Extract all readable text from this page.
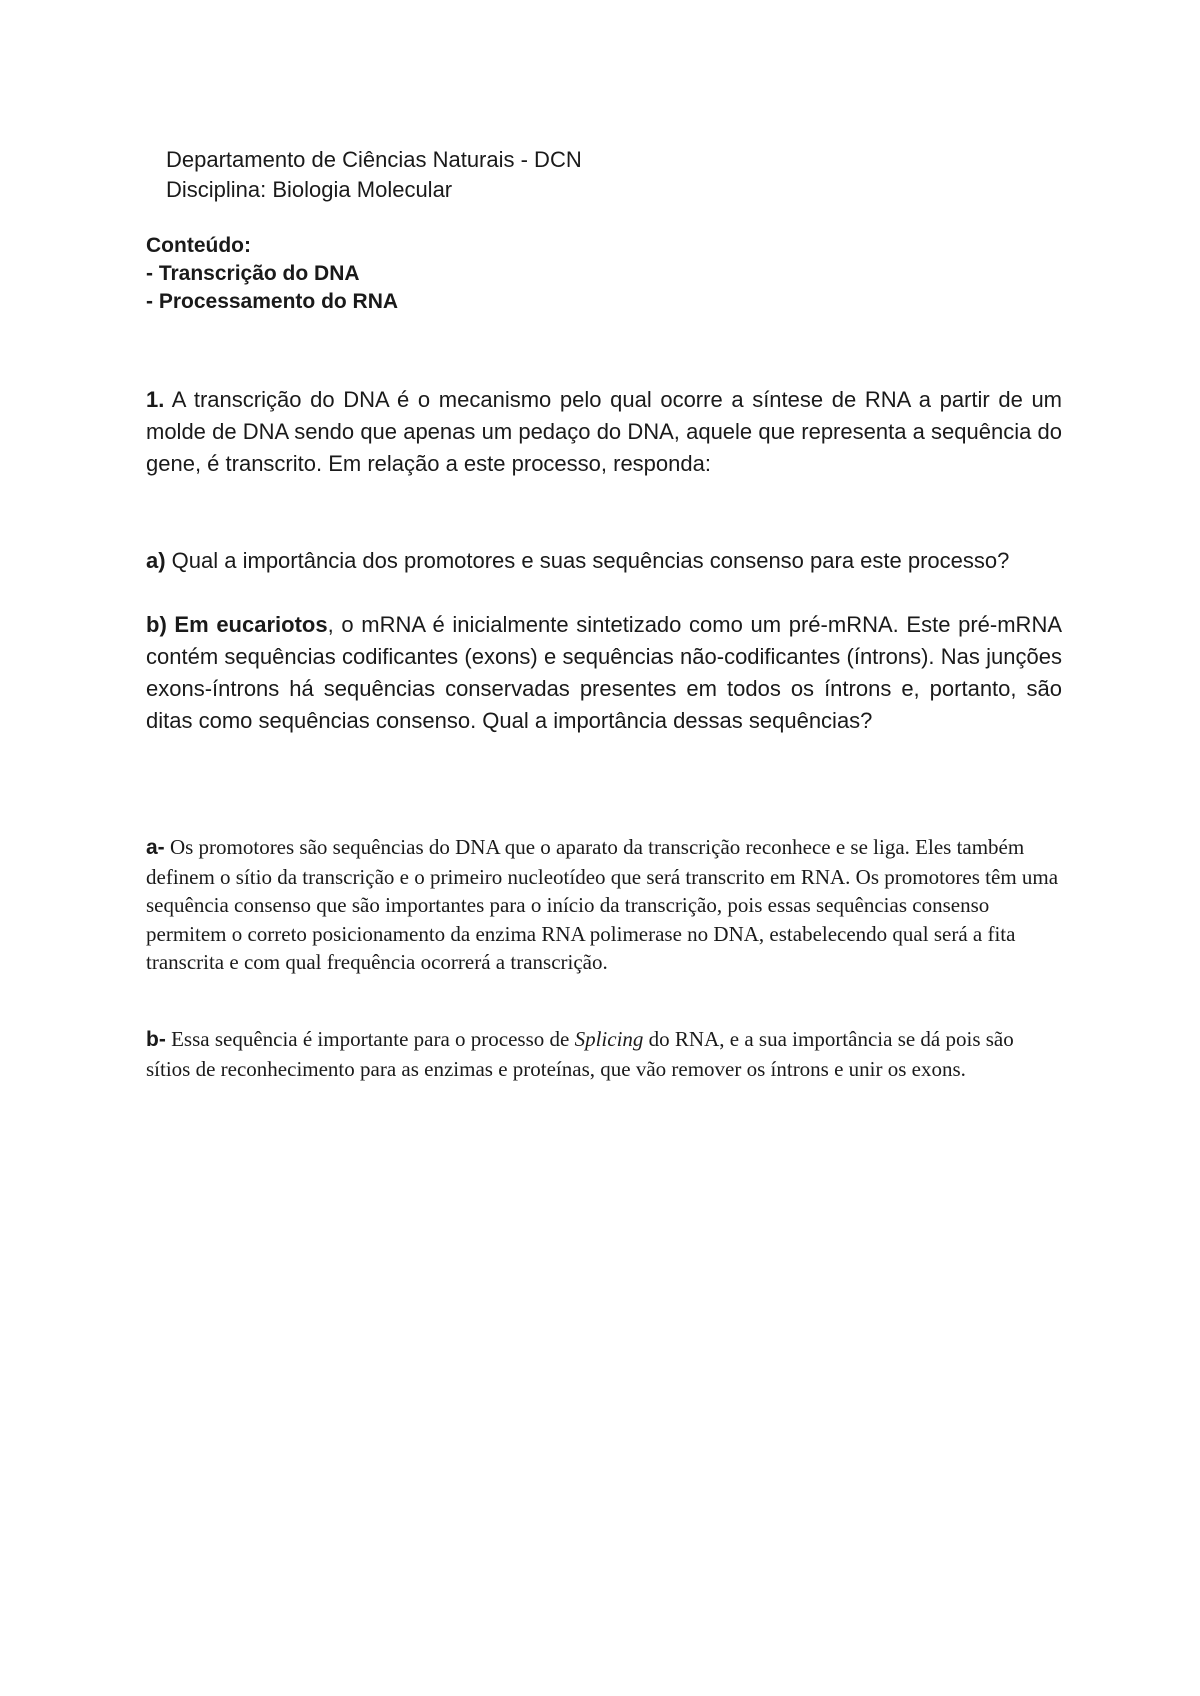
Departamento de Ciências Naturais - DCN
Disciplina: Biologia Molecular
Conteúdo:
- Transcrição do DNA
- Processamento do RNA
1. A transcrição do DNA é o mecanismo pelo qual ocorre a síntese de RNA a partir de um molde de DNA sendo que apenas um pedaço do DNA, aquele que representa a sequência do gene, é transcrito. Em relação a este processo, responda:
a) Qual a importância dos promotores e suas sequências consenso para este processo?
b) Em eucariotos, o mRNA é inicialmente sintetizado como um pré-mRNA. Este pré-mRNA contém sequências codificantes (exons) e sequências não-codificantes (íntrons). Nas junções exons-íntrons há sequências conservadas presentes em todos os íntrons e, portanto, são ditas como sequências consenso. Qual a importância dessas sequências?
a- Os promotores são sequências do DNA que o aparato da transcrição reconhece e se liga. Eles também definem o sítio da transcrição e o primeiro nucleotídeo que será transcrito em RNA. Os promotores têm uma sequência consenso que são importantes para o início da transcrição, pois essas sequências consenso permitem o correto posicionamento da enzima RNA polimerase no DNA, estabelecendo qual será a fita transcrita e com qual frequência ocorrerá a transcrição.
b- Essa sequência é importante para o processo de Splicing do RNA, e a sua importância se dá pois são sítios de reconhecimento para as enzimas e proteínas, que vão remover os íntrons e unir os exons.
